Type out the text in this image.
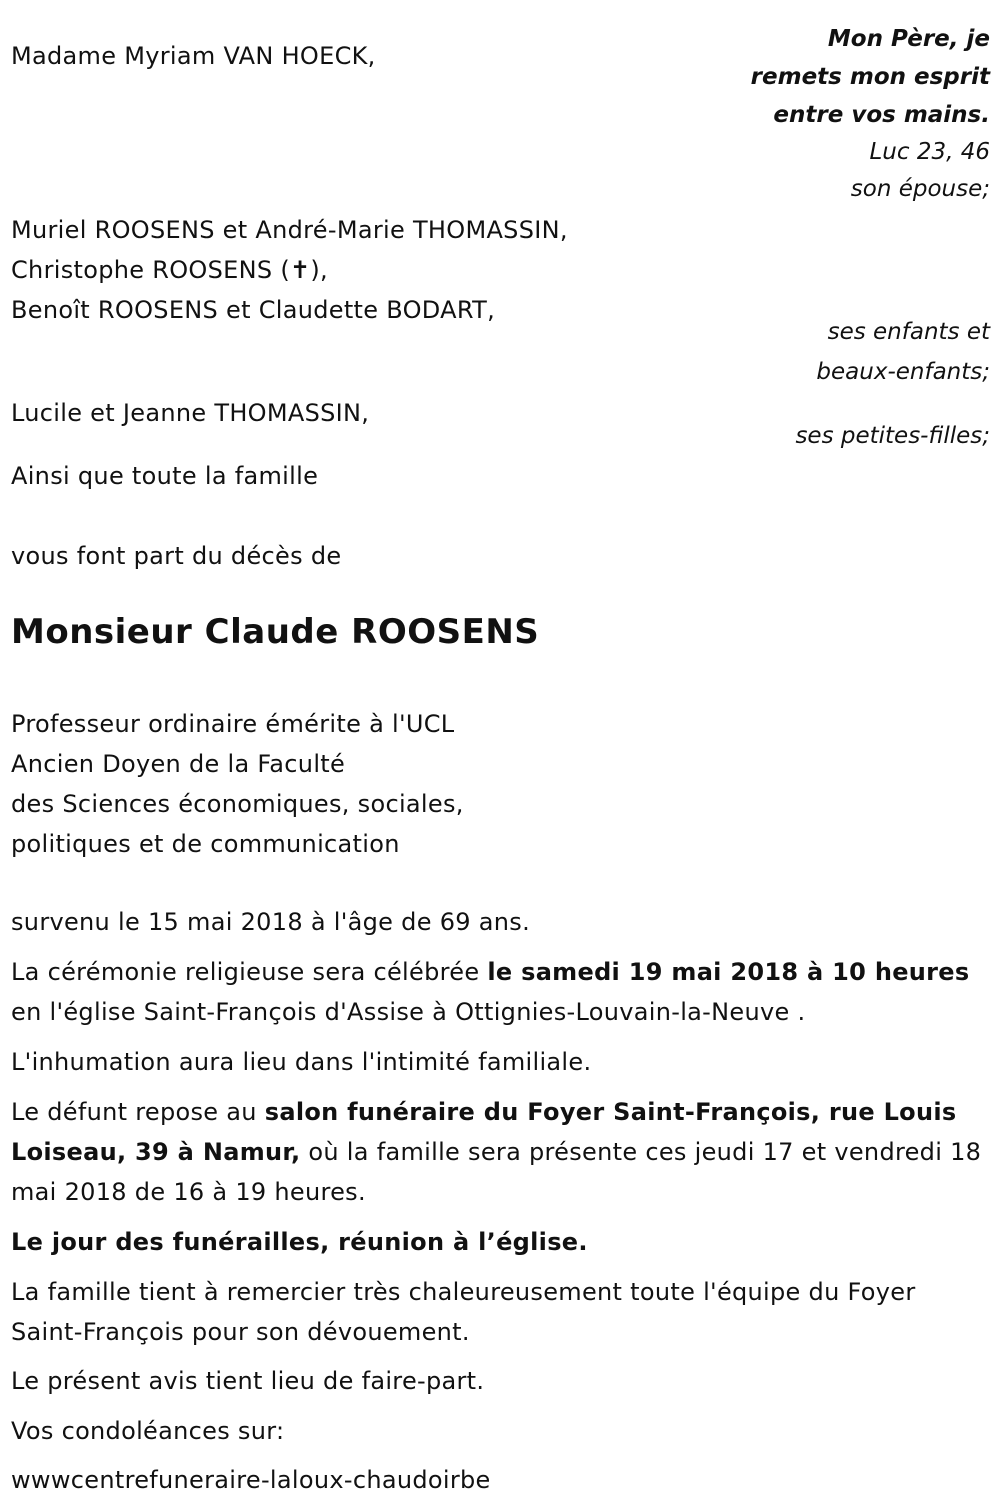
Mon Père, je
remets mon esprit
entre vos mains.
Luc 23, 46
son épouse;
ses enfants et
beaux-enfants;
ses petites-filles;
Madame Myriam VAN HOECK,
Muriel ROOSENS et André-Marie THOMASSIN,
Christophe ROOSENS (✝),
Benoît ROOSENS et Claudette BODART,
Lucile et Jeanne THOMASSIN,
Ainsi que toute la famille
vous font part du décès de
Monsieur Claude ROOSENS
Professeur ordinaire émérite à l'UCL
Ancien Doyen de la Faculté
des Sciences économiques, sociales,
politiques et de communication
survenu le 15 mai 2018 à l'âge de 69 ans.
La cérémonie religieuse sera célébrée le samedi 19 mai 2018 à 10 heures
en l'église Saint-François d'Assise à Ottignies-Louvain-la-Neuve .
L'inhumation aura lieu dans l'intimité familiale.
Le défunt repose au salon funéraire du Foyer Saint-François, rue Louis Loiseau, 39 à Namur, où la famille sera présente ces jeudi 17 et vendredi 18 mai 2018 de 16 à 19 heures.
Le jour des funérailles, réunion à l’église.
La famille tient à remercier très chaleureusement toute l'équipe du Foyer Saint-François pour son dévouement.
Le présent avis tient lieu de faire-part.
Vos condoléances sur:
wwwcentrefuneraire-laloux-chaudoirbe
